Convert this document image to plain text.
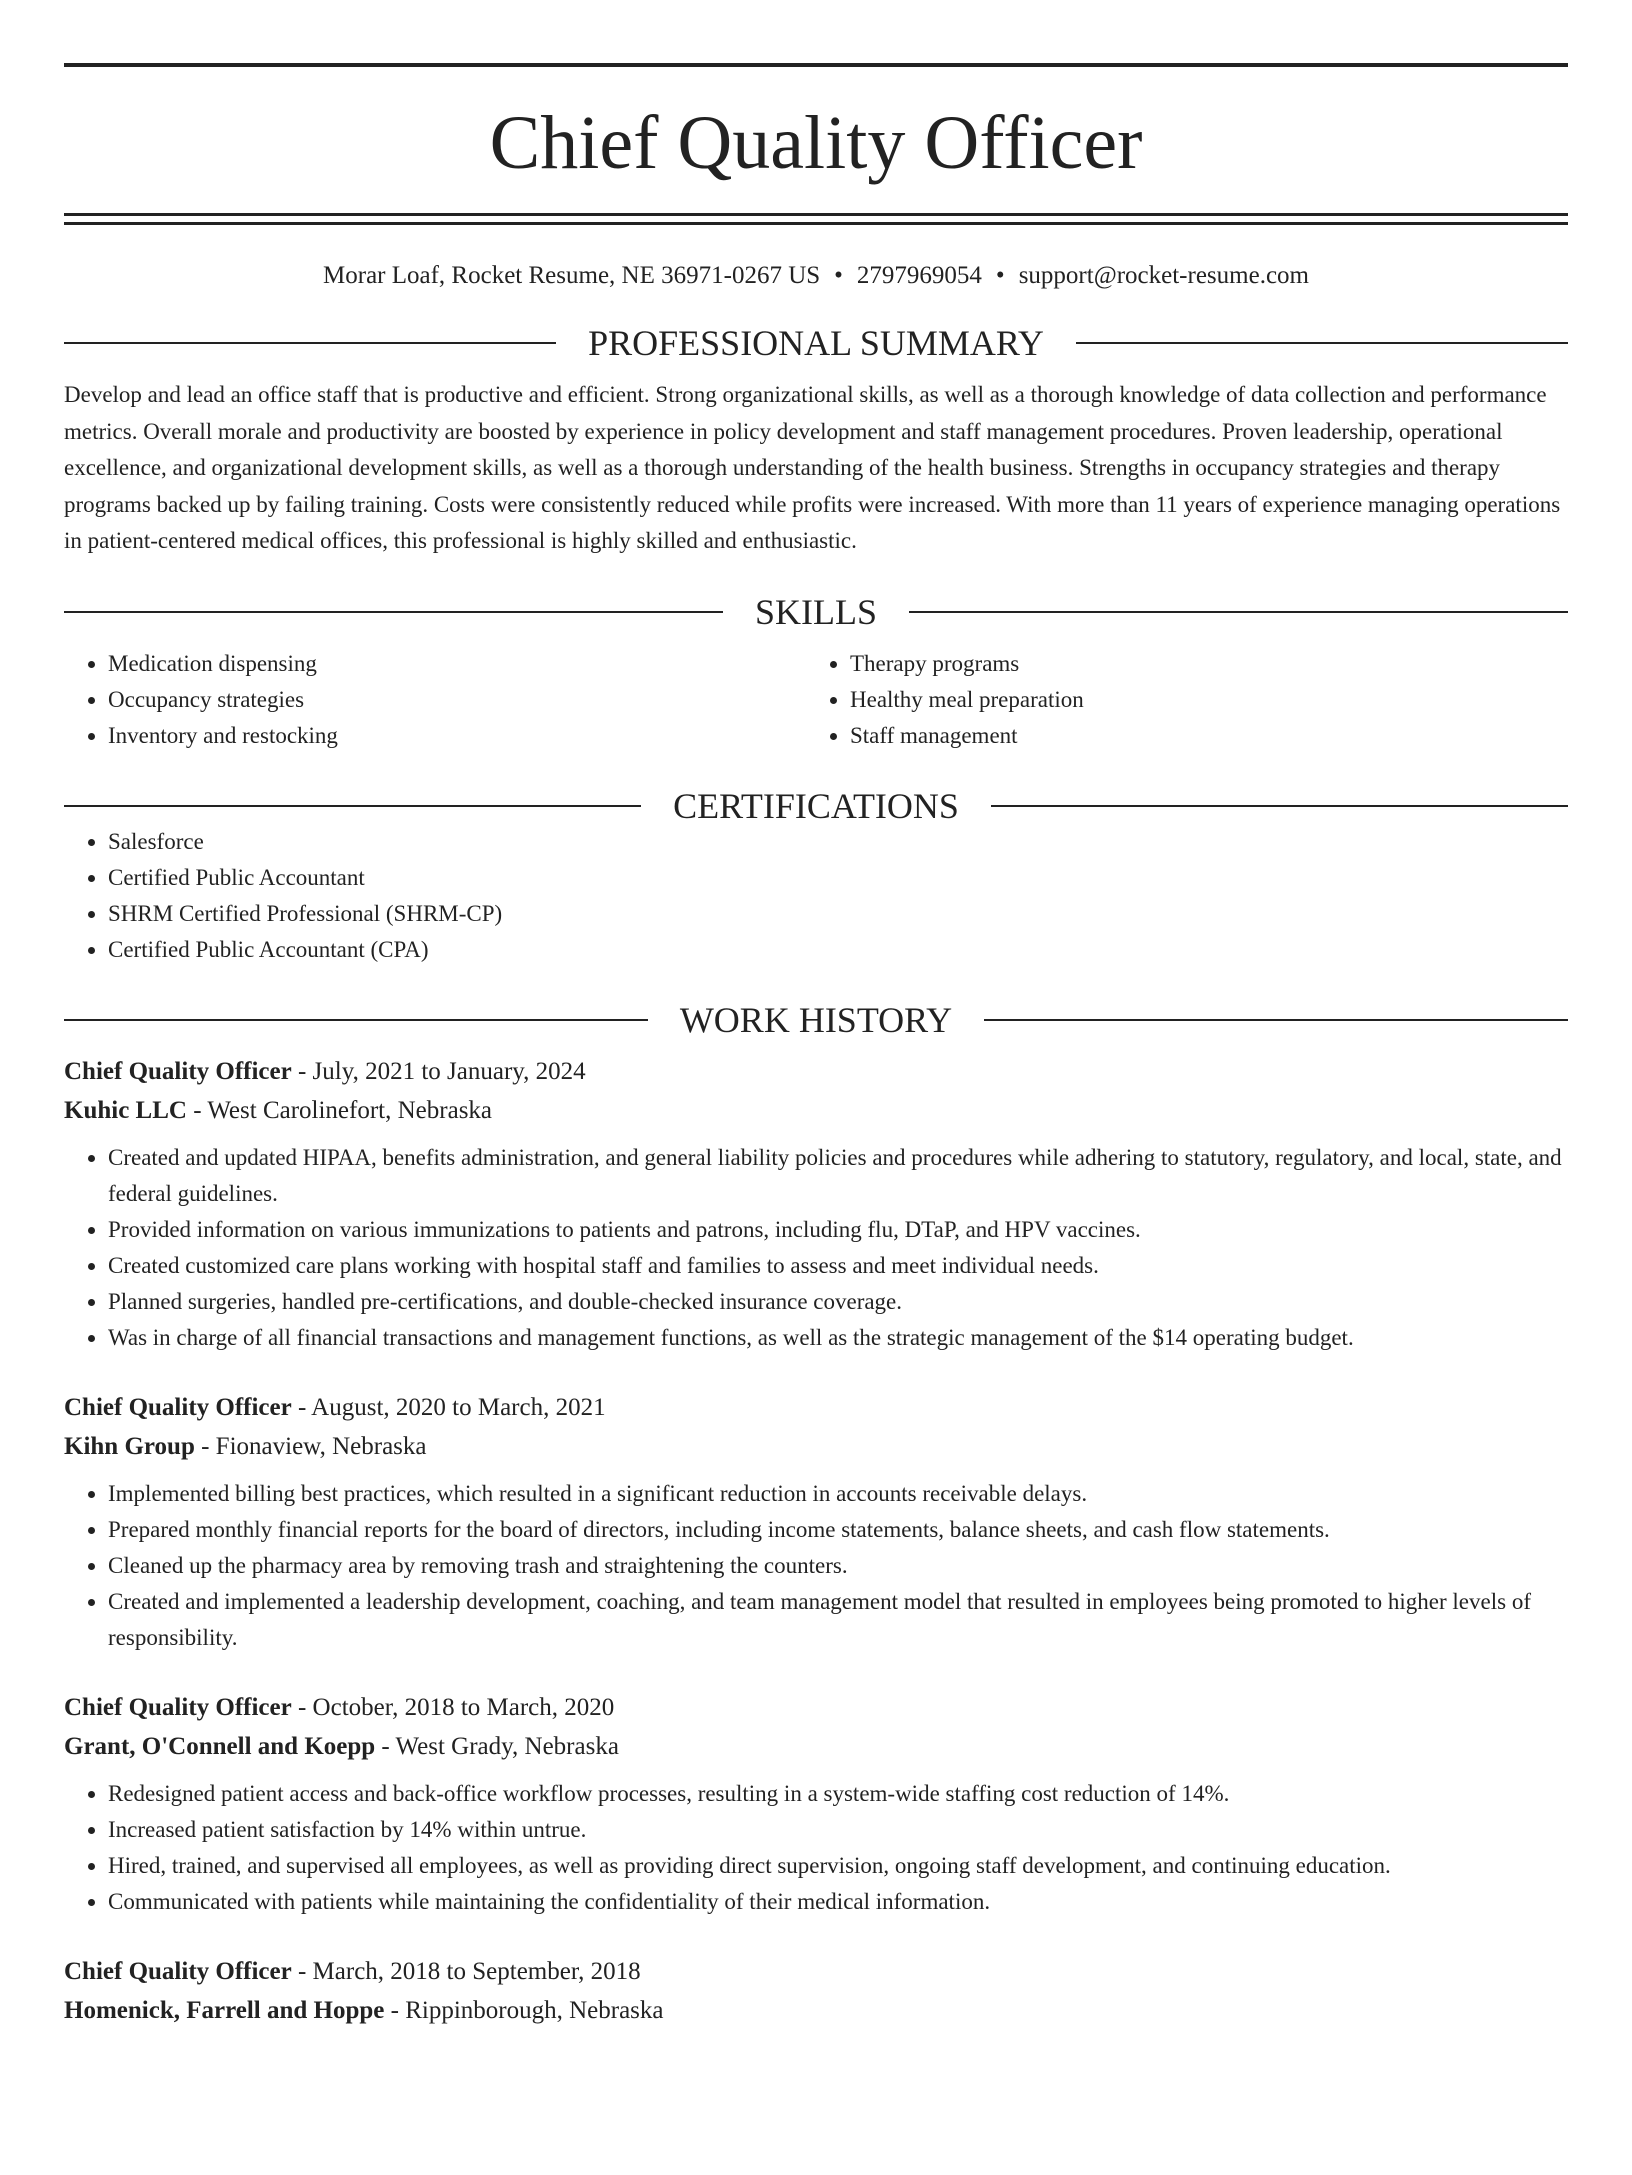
Chief Quality Officer
Morar Loaf, Rocket Resume, NE 36971-0267 US • 2797969054 • support@rocket-resume.com
PROFESSIONAL SUMMARY

Develop and lead an office staff that is productive and efficient. Strong organizational skills, as well as a thorough knowledge of data collection and performance metrics. Overall morale and productivity are boosted by experience in policy development and staff management procedures. Proven leadership, operational excellence, and organizational development skills, as well as a thorough understanding of the health business. Strengths in occupancy strategies and therapy programs backed up by failing training. Costs were consistently reduced while profits were increased. With more than 11 years of experience managing operations in patient-centered medical offices, this professional is highly skilled and enthusiastic.

SKILLS
• Medication dispensing
• Occupancy strategies
• Inventory and restocking
• Therapy programs
• Healthy meal preparation
• Staff management
CERTIFICATIONS
• Salesforce
• Certified Public Accountant
• SHRM Certified Professional (SHRM-CP)
• Certified Public Accountant (CPA)
WORK HISTORY
Chief Quality Officer - July, 2021 to January, 2024
Kuhic LLC - West Carolinefort, Nebraska
• Created and updated HIPAA, benefits administration, and general liability policies and procedures while adhering to statutory, regulatory, and local, state, and federal guidelines.
• Provided information on various immunizations to patients and patrons, including flu, DTaP, and HPV vaccines.
• Created customized care plans working with hospital staff and families to assess and meet individual needs.
• Planned surgeries, handled pre-certifications, and double-checked insurance coverage.
• Was in charge of all financial transactions and management functions, as well as the strategic management of the $14 operating budget.
Chief Quality Officer - August, 2020 to March, 2021
Kihn Group - Fionaview, Nebraska
• Implemented billing best practices, which resulted in a significant reduction in accounts receivable delays.
• Prepared monthly financial reports for the board of directors, including income statements, balance sheets, and cash flow statements.
• Cleaned up the pharmacy area by removing trash and straightening the counters.
• Created and implemented a leadership development, coaching, and team management model that resulted in employees being promoted to higher levels of responsibility.
Chief Quality Officer - October, 2018 to March, 2020
Grant, O'Connell and Koepp - West Grady, Nebraska
• Redesigned patient access and back-office workflow processes, resulting in a system-wide staffing cost reduction of 14%.
• Increased patient satisfaction by 14% within untrue.
• Hired, trained, and supervised all employees, as well as providing direct supervision, ongoing staff development, and continuing education.
• Communicated with patients while maintaining the confidentiality of their medical information.
Chief Quality Officer - March, 2018 to September, 2018
Homenick, Farrell and Hoppe - Rippinborough, Nebraska
